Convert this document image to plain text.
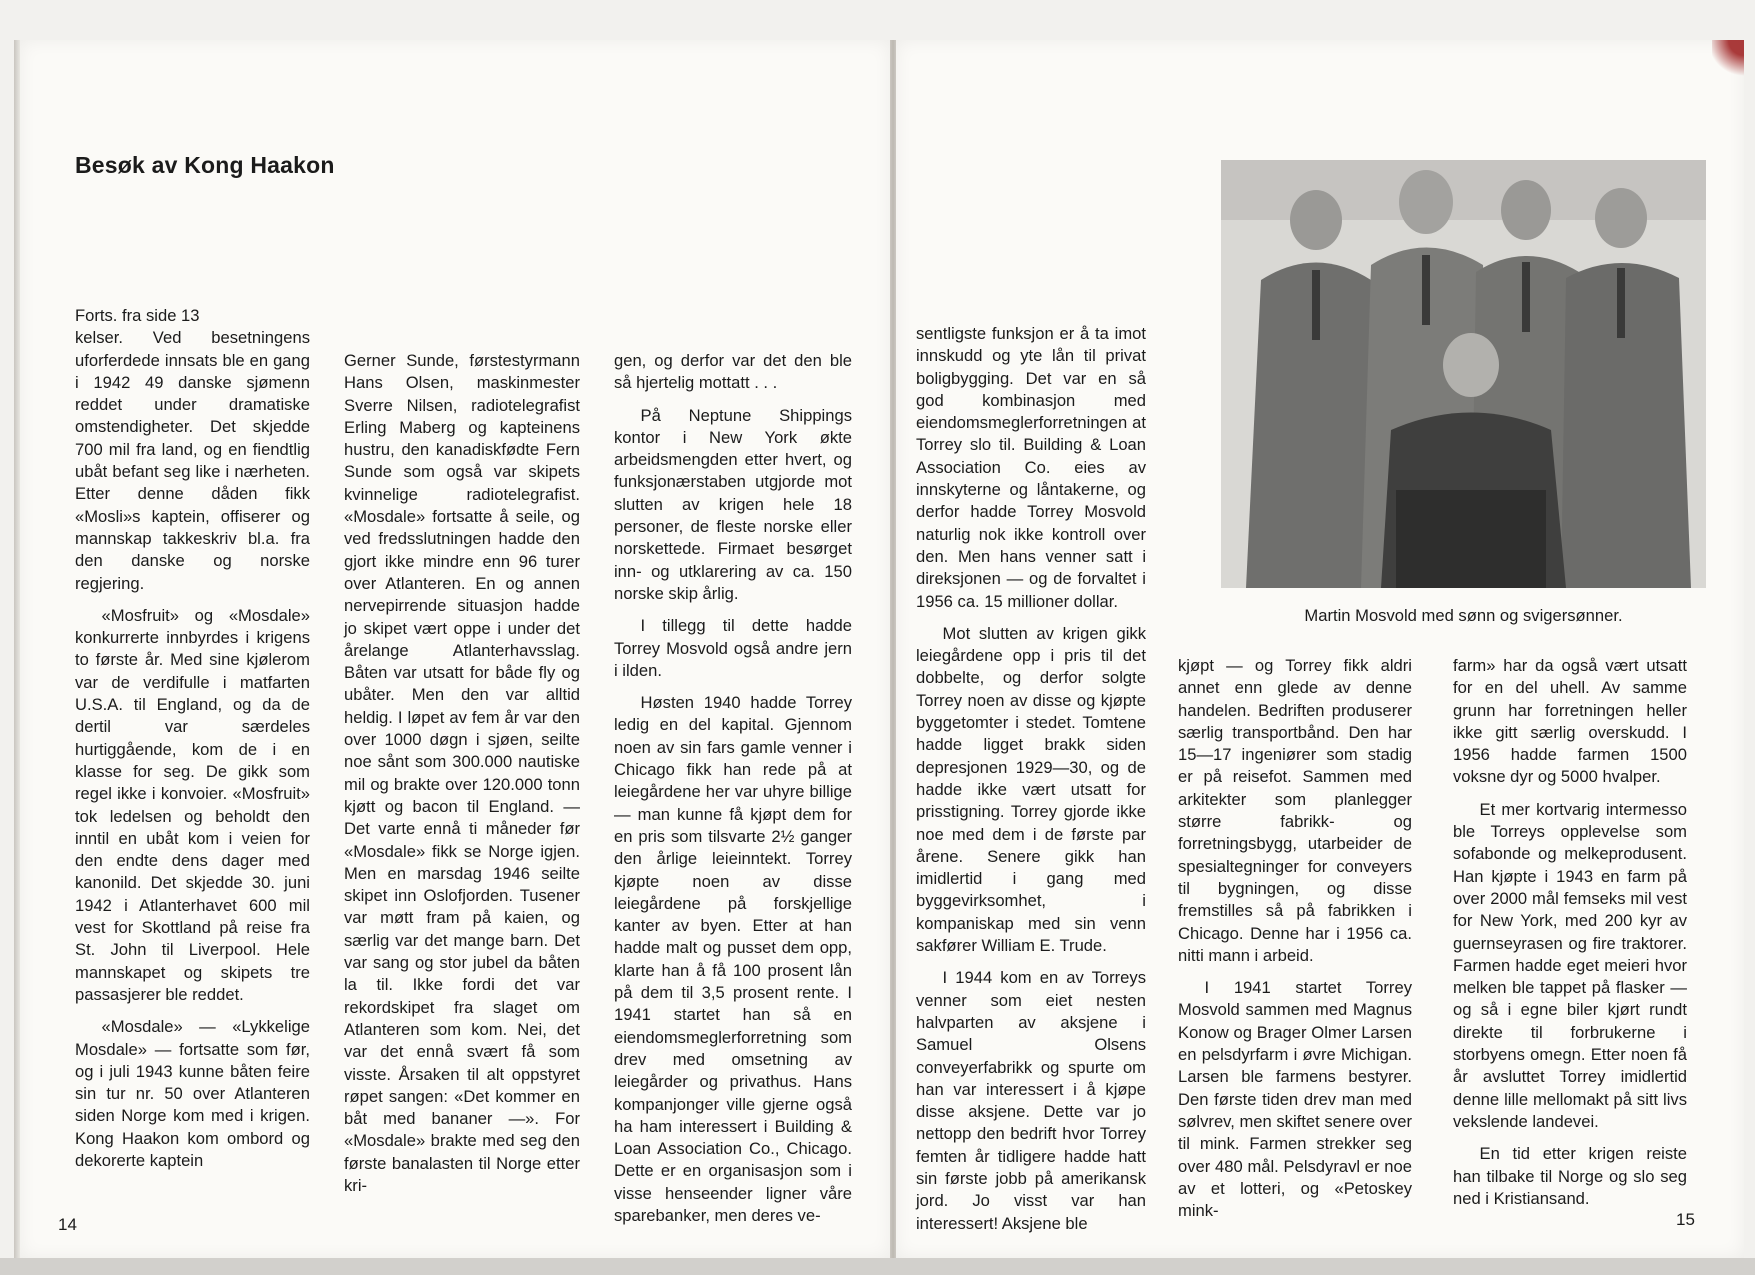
Besøk av Kong Haakon

Forts. fra side 13

kelser. Ved besetningens uforferdede innsats ble en gang i 1942 49 danske sjømenn reddet under dramatiske omstendigheter. Det skjedde 700 mil fra land, og en fiendtlig ubåt befant seg like i nærheten. Etter denne dåden fikk «Mosli»s kaptein, offiserer og mannskap takkeskriv bl.a. fra den danske og norske regjering.

«Mosfruit» og «Mosdale» konkurrerte innbyrdes i krigens to første år. Med sine kjølerom var de verdifulle i matfarten U.S.A. til England, og da de dertil var særdeles hurtiggående, kom de i en klasse for seg. De gikk som regel ikke i konvoier. «Mosfruit» tok ledelsen og beholdt den inntil en ubåt kom i veien for den endte dens dager med kanonild. Det skjedde 30. juni 1942 i Atlanterhavet 600 mil vest for Skottland på reise fra St. John til Liverpool. Hele mannskapet og skipets tre passasjerer ble reddet.

«Mosdale» — «Lykkelige Mosdale» — fortsatte som før, og i juli 1943 kunne båten feire sin tur nr. 50 over Atlanteren siden Norge kom med i krigen. Kong Haakon kom ombord og dekorerte kaptein

Gerner Sunde, førstestyrmann Hans Olsen, maskinmester Sverre Nilsen, radiotelegrafist Erling Maberg og kapteinens hustru, den kanadiskfødte Fern Sunde som også var skipets kvinnelige radiotelegrafist. «Mosdale» fortsatte å seile, og ved fredsslutningen hadde den gjort ikke mindre enn 96 turer over Atlanteren. En og annen nervepirrende situasjon hadde jo skipet vært oppe i under det årelange Atlanterhavsslag. Båten var utsatt for både fly og ubåter. Men den var alltid heldig. I løpet av fem år var den over 1000 døgn i sjøen, seilte noe sånt som 300.000 nautiske mil og brakte over 120.000 tonn kjøtt og bacon til England. — Det varte ennå ti måneder før «Mosdale» fikk se Norge igjen. Men en marsdag 1946 seilte skipet inn Oslofjorden. Tusener var møtt fram på kaien, og særlig var det mange barn. Det var sang og stor jubel da båten la til. Ikke fordi det var rekordskipet fra slaget om Atlanteren som kom. Nei, det var det ennå svært få som visste. Årsaken til alt oppstyret røpet sangen: «Det kommer en båt med bananer —». For «Mosdale» brakte med seg den første banalasten til Norge etter kri-

gen, og derfor var det den ble så hjertelig mottatt . . .

På Neptune Shippings kontor i New York økte arbeidsmengden etter hvert, og funksjonærstaben utgjorde mot slutten av krigen hele 18 personer, de fleste norske eller norskettede. Firmaet besørget inn- og utklarering av ca. 150 norske skip årlig.

I tillegg til dette hadde Torrey Mosvold også andre jern i ilden.

Høsten 1940 hadde Torrey ledig en del kapital. Gjennom noen av sin fars gamle venner i Chicago fikk han rede på at leiegårdene her var uhyre billige — man kunne få kjøpt dem for en pris som tilsvarte 2½ ganger den årlige leieinntekt. Torrey kjøpte noen av disse leiegårdene på forskjellige kanter av byen. Etter at han hadde malt og pusset dem opp, klarte han å få 100 prosent lån på dem til 3,5 prosent rente. I 1941 startet han så en eiendomsmeglerforretning som drev med omsetning av leiegårder og privathus. Hans kompanjonger ville gjerne også ha ham interessert i Building & Loan Association Co., Chicago. Dette er en organisasjon som i visse henseender ligner våre sparebanker, men deres ve-

14

sentligste funksjon er å ta imot innskudd og yte lån til privat boligbygging. Det var en så god kombinasjon med eiendomsmeglerforretningen at Torrey slo til. Building & Loan Association Co. eies av innskyterne og låntakerne, og derfor hadde Torrey Mosvold naturlig nok ikke kontroll over den. Men hans venner satt i direksjonen — og de forvaltet i 1956 ca. 15 millioner dollar.

Mot slutten av krigen gikk leiegårdene opp i pris til det dobbelte, og derfor solgte Torrey noen av disse og kjøpte byggetomter i stedet. Tomtene hadde ligget brakk siden depresjonen 1929—30, og de hadde ikke vært utsatt for prisstigning. Torrey gjorde ikke noe med dem i de første par årene. Senere gikk han imidlertid i gang med byggevirksomhet, i kompaniskap med sin venn sakfører William E. Trude.

I 1944 kom en av Torreys venner som eiet nesten halvparten av aksjene i Samuel Olsens conveyerfabrikk og spurte om han var interessert i å kjøpe disse aksjene. Dette var jo nettopp den bedrift hvor Torrey femten år tidligere hadde hatt sin første jobb på amerikansk jord. Jo visst var han interessert! Aksjene ble

Martin Mosvold med sønn og svigersønner.

kjøpt — og Torrey fikk aldri annet enn glede av denne handelen. Bedriften produserer særlig transportbånd. Den har 15—17 ingeniører som stadig er på reisefot. Sammen med arkitekter som planlegger større fabrikk- og forretningsbygg, utarbeider de spesialtegninger for conveyers til bygningen, og disse fremstilles så på fabrikken i Chicago. Denne har i 1956 ca. nitti mann i arbeid.

I 1941 startet Torrey Mosvold sammen med Magnus Konow og Brager Olmer Larsen en pelsdyrfarm i øvre Michigan. Larsen ble farmens bestyrer. Den første tiden drev man med sølvrev, men skiftet senere over til mink. Farmen strekker seg over 480 mål. Pelsdyravl er noe av et lotteri, og «Petoskey mink-

farm» har da også vært utsatt for en del uhell. Av samme grunn har forretningen heller ikke gitt særlig overskudd. I 1956 hadde farmen 1500 voksne dyr og 5000 hvalper.

Et mer kortvarig intermesso ble Torreys opplevelse som sofabonde og melkeprodusent. Han kjøpte i 1943 en farm på over 2000 mål femseks mil vest for New York, med 200 kyr av guernseyrasen og fire traktorer. Farmen hadde eget meieri hvor melken ble tappet på flasker — og så i egne biler kjørt rundt direkte til forbrukerne i storbyens omegn. Etter noen få år avsluttet Torrey imidlertid denne lille mellomakt på sitt livs vekslende landevei.

En tid etter krigen reiste han tilbake til Norge og slo seg ned i Kristiansand.

15
